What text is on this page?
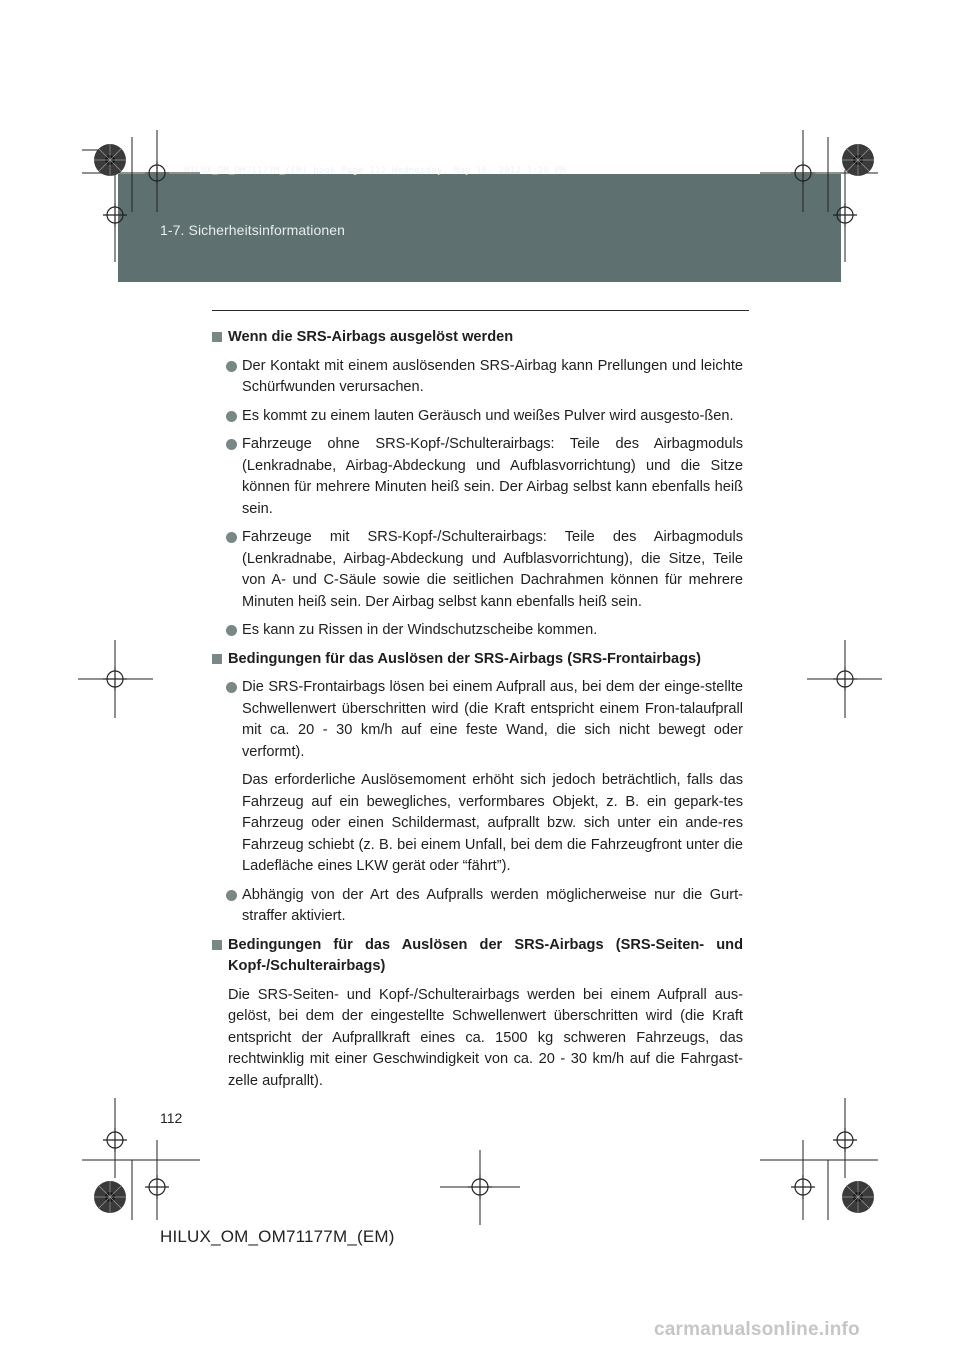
HILUX_OM_OM71177M_(EM).book Page 112 Wednesday, May 16, 2012 1:28 PM
1-7. Sicherheitsinformationen
Wenn die SRS-Airbags ausgelöst werden
Der Kontakt mit einem auslösenden SRS-Airbag kann Prellungen und leichte Schürfwunden verursachen.
Es kommt zu einem lauten Geräusch und weißes Pulver wird ausgesto-ßen.
Fahrzeuge ohne SRS-Kopf-/Schulterairbags: Teile des Airbagmoduls (Lenkradnabe, Airbag-Abdeckung und Aufblasvorrichtung) und die Sitze können für mehrere Minuten heiß sein. Der Airbag selbst kann ebenfalls heiß sein.
Fahrzeuge mit SRS-Kopf-/Schulterairbags: Teile des Airbagmoduls (Lenkradnabe, Airbag-Abdeckung und Aufblasvorrichtung), die Sitze, Teile von A- und C-Säule sowie die seitlichen Dachrahmen können für mehrere Minuten heiß sein. Der Airbag selbst kann ebenfalls heiß sein.
Es kann zu Rissen in der Windschutzscheibe kommen.
Bedingungen für das Auslösen der SRS-Airbags (SRS-Frontairbags)
Die SRS-Frontairbags lösen bei einem Aufprall aus, bei dem der einge-stellte Schwellenwert überschritten wird (die Kraft entspricht einem Fron-talaufprall mit ca. 20 - 30 km/h auf eine feste Wand, die sich nicht bewegt oder verformt).
Das erforderliche Auslösemoment erhöht sich jedoch beträchtlich, falls das Fahrzeug auf ein bewegliches, verformbares Objekt, z. B. ein gepark-tes Fahrzeug oder einen Schildermast, aufprallt bzw. sich unter ein ande-res Fahrzeug schiebt (z. B. bei einem Unfall, bei dem die Fahrzeugfront unter die Ladefläche eines LKW gerät oder “fährt”).
Abhängig von der Art des Aufpralls werden möglicherweise nur die Gurt-straffer aktiviert.
Bedingungen für das Auslösen der SRS-Airbags (SRS-Seiten- und Kopf-/Schulterairbags)
Die SRS-Seiten- und Kopf-/Schulterairbags werden bei einem Aufprall aus-gelöst, bei dem der eingestellte Schwellenwert überschritten wird (die Kraft entspricht der Aufprallkraft eines ca. 1500 kg schweren Fahrzeugs, das rechtwinklig mit einer Geschwindigkeit von ca. 20 - 30 km/h auf die Fahrgast-zelle aufprallt).
112
HILUX_OM_OM71177M_(EM)
carmanualsonline.info
